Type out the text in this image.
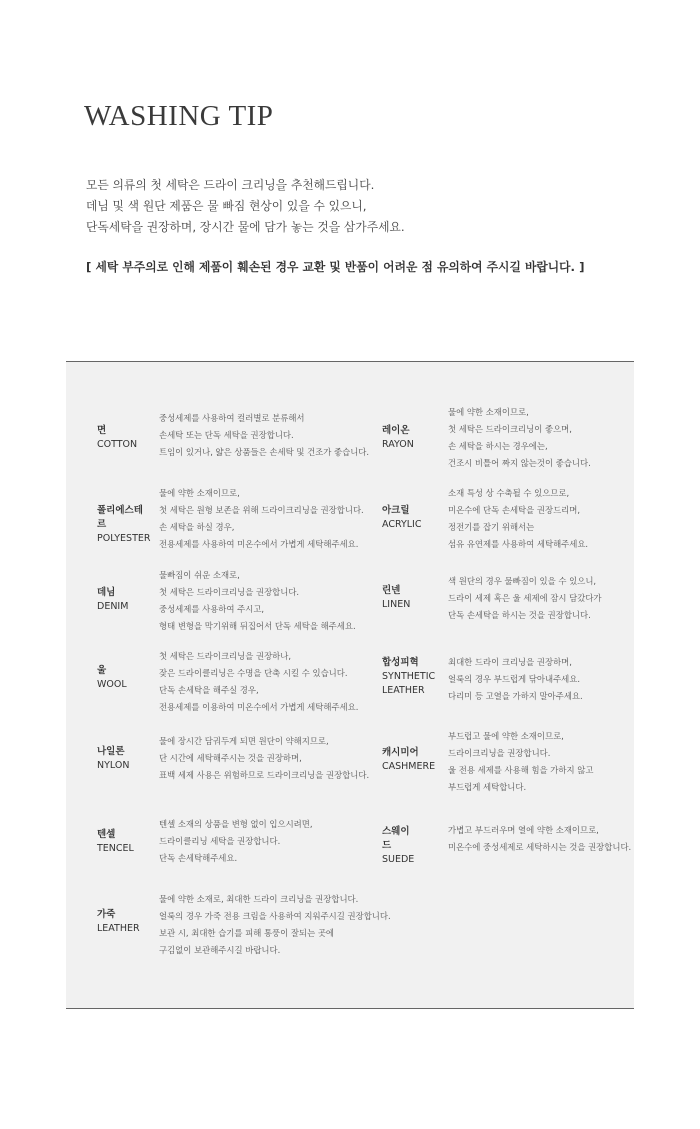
WASHING TIP
모든 의류의 첫 세탁은 드라이 크리닝을 추천해드립니다.
데님 및 색 원단 제품은 물 빠짐 현상이 있을 수 있으니,
단독세탁을 권장하며, 장시간 물에 담가 놓는 것을 삼가주세요.
[ 세탁 부주의로 인해 제품이 훼손된 경우 교환 및 반품이 어려운 점 유의하여 주시길 바랍니다. ]
면
COTTON
중성세제를 사용하여 컬러별로 분류해서
손세탁 또는 단독 세탁을 권장합니다.
트임이 있거나, 얇은 상품들은 손세탁 및 건조가 좋습니다.
폴리에스테르
POLYESTER
물에 약한 소재이므로,
첫 세탁은 원형 보존을 위해 드라이크리닝을 권장합니다.
손 세탁을 하실 경우,
전용세제를 사용하여 미온수에서 가볍게 세탁해주세요.
데님
DENIM
물빠짐이 쉬운 소재로,
첫 세탁은 드라이크리닝을 권장합니다.
중성세제를 사용하여 주시고,
형태 변형을 막기위해 뒤집어서 단독 세탁을 해주세요.
울
WOOL
첫 세탁은 드라이크리닝을 권장하나,
잦은 드라이클리닝은 수명을 단축 시킬 수 있습니다.
단독 손세탁을 해주실 경우,
전용세제를 이용하여 미온수에서 가볍게 세탁해주세요.
나일론
NYLON
물에 장시간 담궈두게 되면 원단이 약해지므로,
단 시간에 세탁해주시는 것을 권장하며,
표백 세제 사용은 위험하므로 드라이크리닝을 권장합니다.
텐셀
TENCEL
텐셀 소재의 상품을 변형 없이 입으시려면,
드라이클리닝 세탁을 권장합니다.
단독 손세탁해주세요.
가죽
LEATHER
물에 약한 소재로, 최대한 드라이 크리닝을 권장합니다.
얼룩의 경우 가죽 전용 크림을 사용하여 지워주시길 권장합니다.
보관 시, 최대한 습기를 피해 통풍이 잘되는 곳에
구김없이 보관해주시길 바랍니다.
레이온
RAYON
물에 약한 소재이므로,
첫 세탁은 드라이크리닝이 좋으며,
손 세탁을 하시는 경우에는,
건조시 비틀어 짜지 않는것이 좋습니다.
아크릴
ACRYLIC
소재 특성 상 수축될 수 있으므로,
미온수에 단독 손세탁을 권장드리며,
정전기를 잡기 위해서는
섬유 유연제를 사용하여 세탁해주세요.
린넨
LINEN
색 원단의 경우 물빠짐이 있을 수 있으니,
드라이 세제 혹은 울 세제에 잠시 담갔다가
단독 손세탁을 하시는 것을 권장합니다.
합성피혁
SYNTHETIC
LEATHER
최대한 드라이 크리닝을 권장하며,
얼룩의 경우 부드럽게 닦아내주세요.
다리미 등 고열을 가하지 말아주세요.
캐시미어
CASHMERE
부드럽고 물에 약한 소재이므로,
드라이크리닝을 권장합니다.
울 전용 세제를 사용해 힘을 가하지 않고
부드럽게 세탁합니다.
스웨이드
SUEDE
가볍고 부드러우며 열에 약한 소재이므로,
미온수에 중성세제로 세탁하시는 것을 권장합니다.
